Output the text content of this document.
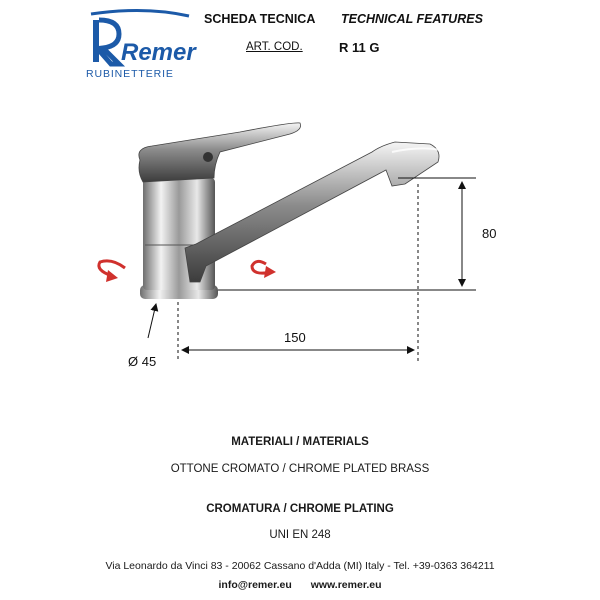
Remer
RUBINETTERIE
SCHEDA TECNICA TECHNICAL FEATURES
ART. COD.	R 11 G
80
150
Ø 45
MATERIALI / MATERIALS
OTTONE CROMATO / CHROME PLATED BRASS
CROMATURA / CHROME PLATING
UNI EN 248
Via Leonardo da Vinci 83 - 20062 Cassano d'Adda (MI) Italy - Tel. +39-0363 364211
info@remer.eu www.remer.eu
